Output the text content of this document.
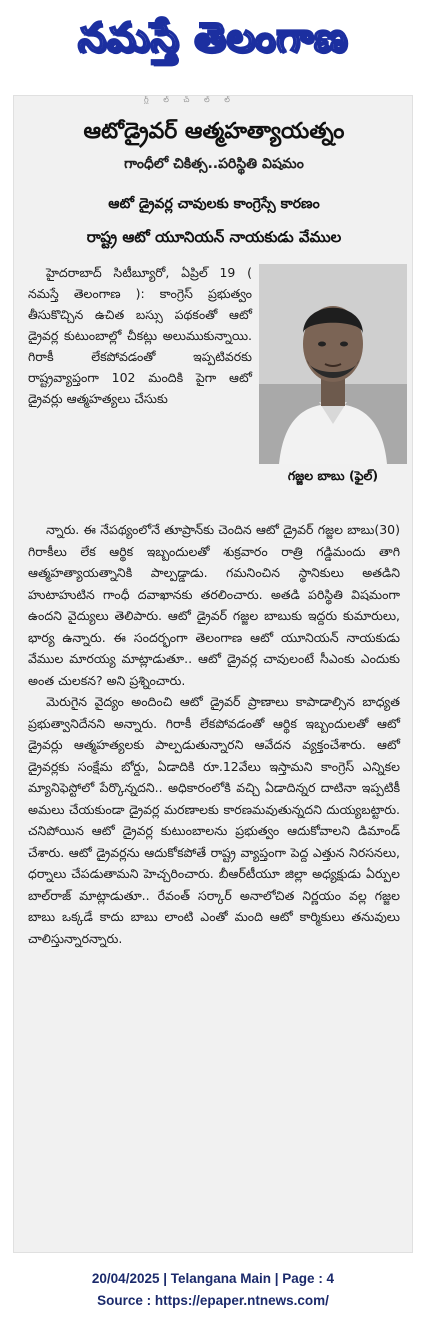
నమస్తే తెలంగాణ
గ్ల్ ల్ చ్ ల్ ల్
ఆటోడ్రైవర్ ఆత్మహత్యాయత్నం
గాంధీలో చికిత్స..పరిస్థితి విషమం
ఆటో డ్రైవర్ల చావులకు కాంగ్రెస్సే కారణం
రాష్ట్ర ఆటో యూనియన్ నాయకుడు వేముల

హైదరాబాద్ సిటీబ్యూరో, ఏప్రిల్ 19 ( నమస్తే తెలంగాణ ): కాంగ్రెస్ ప్రభుత్వం తీసుకొచ్చిన ఉచిత బస్సు పథకంతో ఆటో డ్రైవర్ల కుటుంబాల్లో చీకట్లు అలుముకున్నాయి. గిరాకీ లేకపోవడంతో ఇప్పటివరకు రాష్ట్రవ్యాప్తంగా 102 మందికి పైగా ఆటో డ్రైవర్లు ఆత్మహత్యలు చేసుకు

గజ్జల బాబు (ఫైల్)

న్నారు. ఈ నేపథ్యంలోనే తూప్రాన్‌కు చెందిన ఆటో డ్రైవర్ గజ్జల బాబు(30) గిరాకీలు లేక ఆర్థిక ఇబ్బందులతో శుక్రవారం రాత్రి గడ్డిమందు తాగి ఆత్మహత్యాయత్నానికి పాల్పడ్డాడు. గమనించిన స్థానికులు అతడిని హుటాహుటిన గాంధీ దవాఖానకు తరలించారు. అతడి పరిస్థితి విషమంగా ఉందని వైద్యులు తెలిపారు. ఆటో డ్రైవర్ గజ్జల బాబుకు ఇద్దరు కుమారులు, భార్య ఉన్నారు. ఈ సందర్భంగా తెలంగాణ ఆటో యూనియన్ నాయకుడు వేముల మారయ్య మాట్లాడుతూ.. ఆటో డ్రైవర్ల చావులంటే సీఎంకు ఎందుకు అంత చులకన? అని ప్రశ్నించారు.

మెరుగైన వైద్యం అందించి ఆటో డ్రైవర్ ప్రాణాలు కాపాడాల్సిన బాధ్యత ప్రభుత్వానిదేనని అన్నారు. గిరాకీ లేకపోవడంతో ఆర్థిక ఇబ్బందులతో ఆటో డ్రైవర్లు ఆత్మహత్యలకు పాల్పడుతున్నారని ఆవేదన వ్యక్తంచేశారు. ఆటో డ్రైవర్లకు సంక్షేమ బోర్డు, ఏడాదికి రూ.12వేలు ఇస్తామని కాంగ్రెస్ ఎన్నికల మ్యానిఫెస్టోలో పేర్కొన్నదని.. అధికారంలోకి వచ్చి ఏడాదిన్నర దాటినా ఇప్పటికీ అమలు చేయకుండా డ్రైవర్ల మరణాలకు కారణమవుతున్నదని దుయ్యబట్టారు. చనిపోయిన ఆటో డ్రైవర్ల కుటుంబాలను ప్రభుత్వం ఆదుకోవాలని డిమాండ్ చేశారు. ఆటో డ్రైవర్లను ఆదుకోకపోతే రాష్ట్ర వ్యాప్తంగా పెద్ద ఎత్తున నిరసనలు, ధర్నాలు చేపడుతామని హెచ్చరించారు. బీఆర్‌టీయూ జిల్లా అధ్యక్షుడు ఏర్పుల బాల్‌రాజ్ మాట్లాడుతూ.. రేవంత్ సర్కార్ అనాలోచిత నిర్ణయం వల్ల గజ్జల బాబు ఒక్కడే కాదు బాబు లాంటి ఎంతో మంది ఆటో కార్మికులు తనువులు చాలిస్తున్నారన్నారు.

20/04/2025 | Telangana Main | Page : 4
Source : https://epaper.ntnews.com/
